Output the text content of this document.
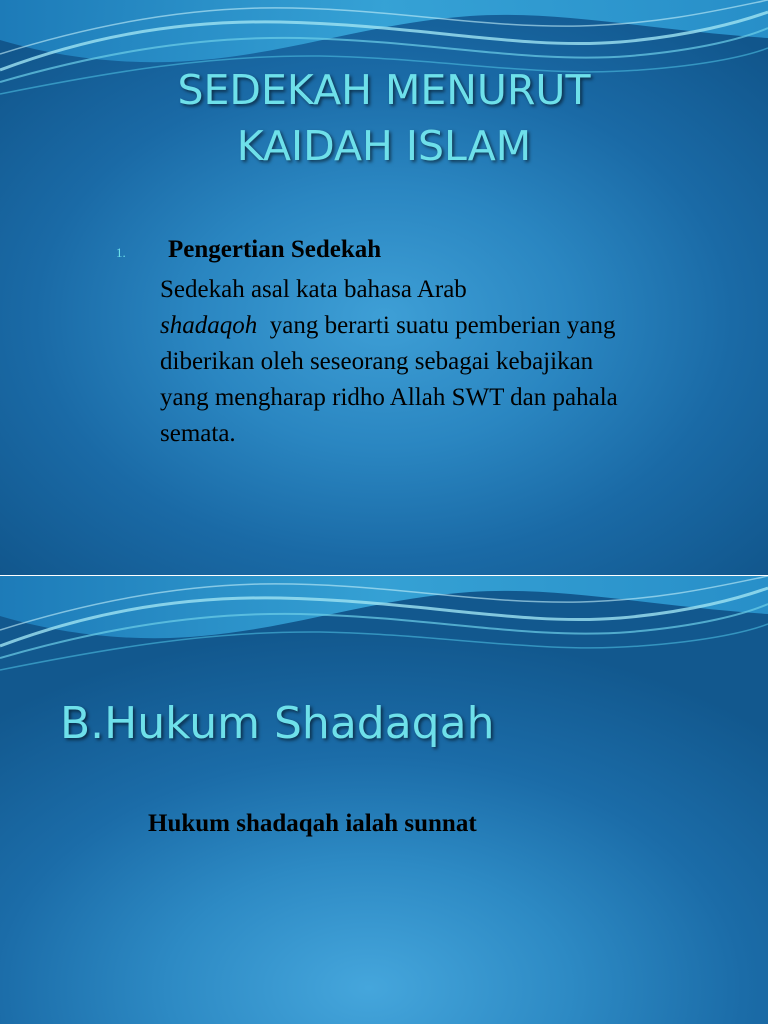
SEDEKAH MENURUT
KAIDAH ISLAM
1.	Pengertian Sedekah
Sedekah asal kata bahasa Arab
shadaqoh  yang berarti suatu pemberian yang diberikan oleh seseorang sebagai kebajikan yang mengharap ridho Allah SWT dan pahala semata.
B.Hukum Shadaqah
Hukum shadaqah ialah sunnat
